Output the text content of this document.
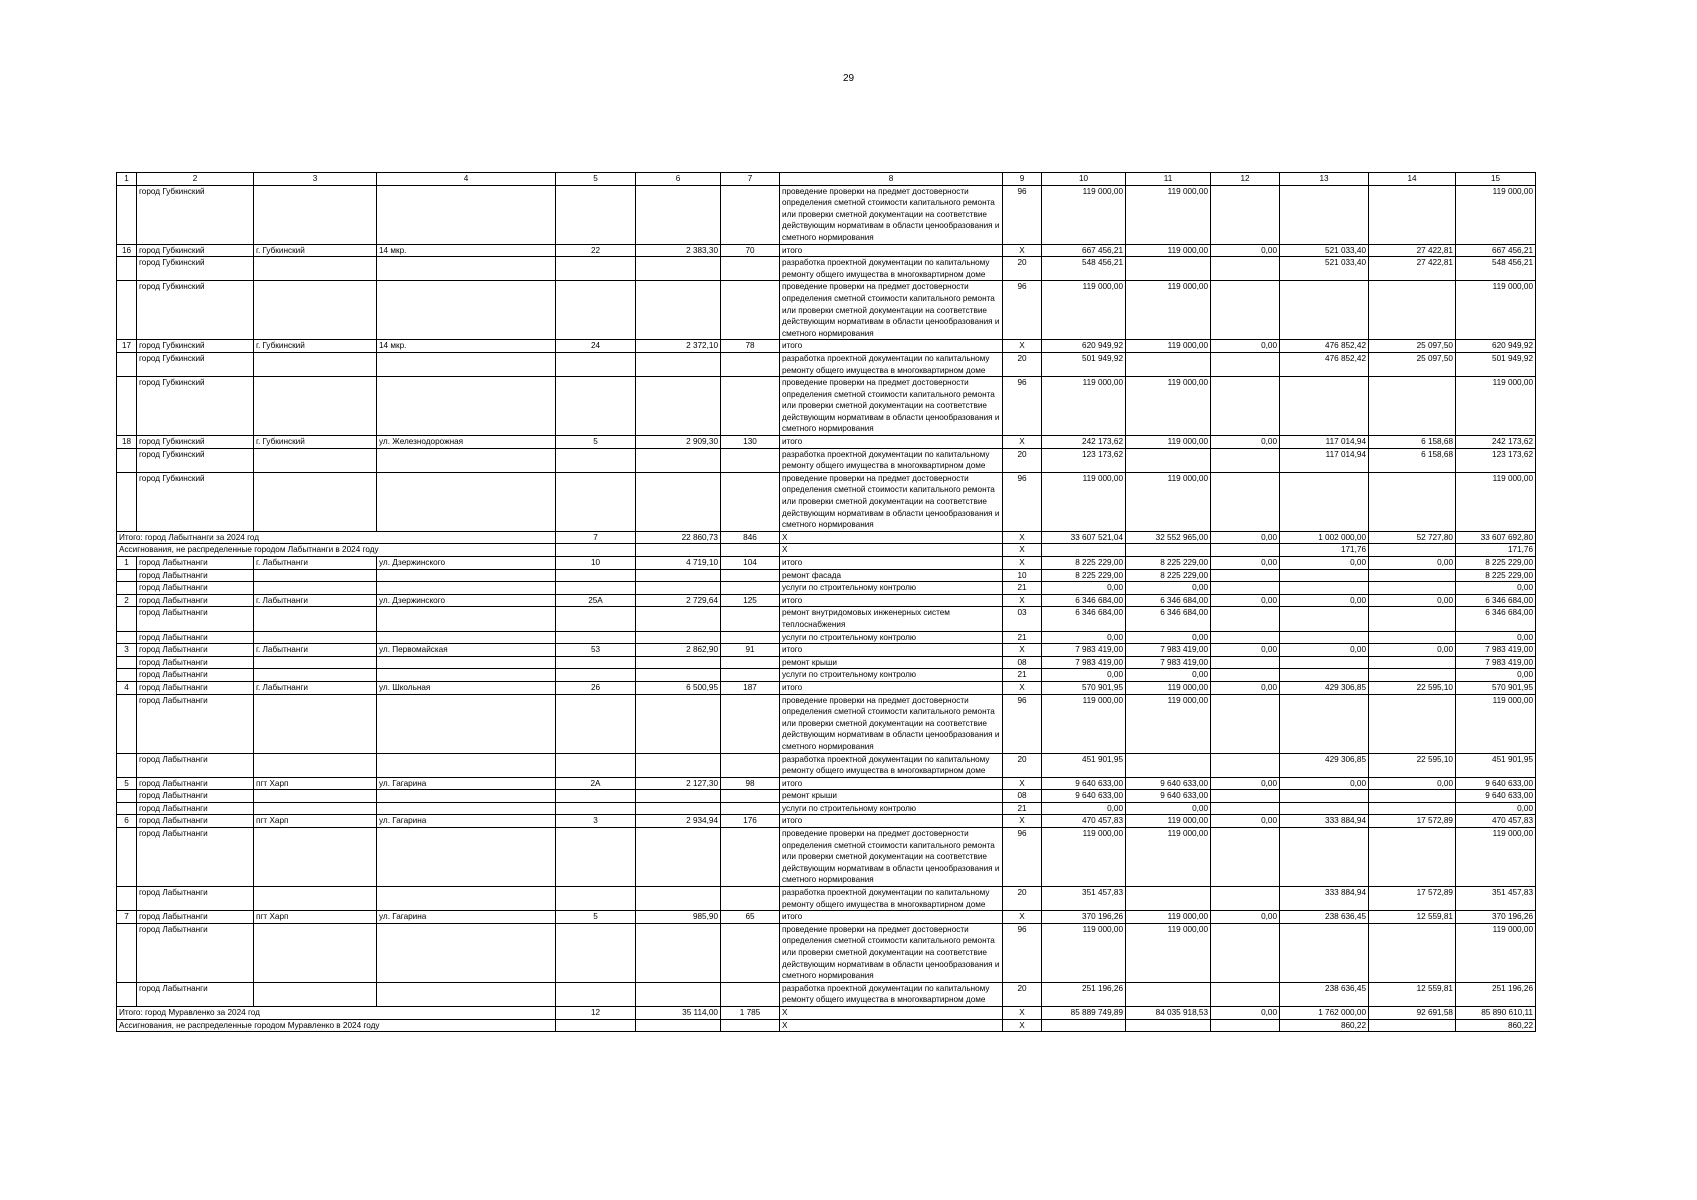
29
1	2	3	4	5	6	7	8	9	10	11	12	13	14	15
	город Губкинский						проведение проверки на предмет достоверности определения сметной стоимости капитального ремонта или проверки сметной документации на соответствие действующим нормативам в области ценообразования и сметного нормирования	96	119 000,00	119 000,00				119 000,00
16	город Губкинский	г. Губкинский	14 мкр.	22	2 383,30	70	итого	Х	667 456,21	119 000,00	0,00	521 033,40	27 422,81	667 456,21
	город Губкинский						разработка проектной документации по капитальному ремонту общего имущества в многоквартирном доме	20	548 456,21			521 033,40	27 422,81	548 456,21
	город Губкинский						проведение проверки на предмет достоверности определения сметной стоимости капитального ремонта или проверки сметной документации на соответствие действующим нормативам в области ценообразования и сметного нормирования	96	119 000,00	119 000,00				119 000,00
17	город Губкинский	г. Губкинский	14 мкр.	24	2 372,10	78	итого	Х	620 949,92	119 000,00	0,00	476 852,42	25 097,50	620 949,92
	город Губкинский						разработка проектной документации по капитальному ремонту общего имущества в многоквартирном доме	20	501 949,92			476 852,42	25 097,50	501 949,92
	город Губкинский						проведение проверки на предмет достоверности определения сметной стоимости капитального ремонта или проверки сметной документации на соответствие действующим нормативам в области ценообразования и сметного нормирования	96	119 000,00	119 000,00				119 000,00
18	город Губкинский	г. Губкинский	ул. Железнодорожная	5	2 909,30	130	итого	Х	242 173,62	119 000,00	0,00	117 014,94	6 158,68	242 173,62
	город Губкинский						разработка проектной документации по капитальному ремонту общего имущества в многоквартирном доме	20	123 173,62			117 014,94	6 158,68	123 173,62
	город Губкинский						проведение проверки на предмет достоверности определения сметной стоимости капитального ремонта или проверки сметной документации на соответствие действующим нормативам в области ценообразования и сметного нормирования	96	119 000,00	119 000,00				119 000,00
Итого: город Лабытнанги за 2024 год				7	22 860,73	846	Х	Х	33 607 521,04	32 552 965,00	0,00	1 002 000,00	52 727,80	33 607 692,80
Ассигнования, не распределенные городом Лабытнанги в 2024 году							Х	Х				171,76		171,76
1	город Лабытнанги	г. Лабытнанги	ул. Дзержинского	10	4 719,10	104	итого	Х	8 225 229,00	8 225 229,00	0,00	0,00	0,00	8 225 229,00
	город Лабытнанги						ремонт фасада	10	8 225 229,00	8 225 229,00				8 225 229,00
	город Лабытнанги						услуги по строительному контролю	21	0,00	0,00				0,00
2	город Лабытнанги	г. Лабытнанги	ул. Дзержинского	25А	2 729,64	125	итого	Х	6 346 684,00	6 346 684,00	0,00	0,00	0,00	6 346 684,00
	город Лабытнанги						ремонт внутридомовых инженерных систем теплоснабжения	03	6 346 684,00	6 346 684,00				6 346 684,00
	город Лабытнанги						услуги по строительному контролю	21	0,00	0,00				0,00
3	город Лабытнанги	г. Лабытнанги	ул. Первомайская	53	2 862,90	91	итого	Х	7 983 419,00	7 983 419,00	0,00	0,00	0,00	7 983 419,00
	город Лабытнанги						ремонт крыши	08	7 983 419,00	7 983 419,00				7 983 419,00
	город Лабытнанги						услуги по строительному контролю	21	0,00	0,00				0,00
4	город Лабытнанги	г. Лабытнанги	ул. Школьная	26	6 500,95	187	итого	Х	570 901,95	119 000,00	0,00	429 306,85	22 595,10	570 901,95
	город Лабытнанги						проведение проверки на предмет достоверности определения сметной стоимости капитального ремонта или проверки сметной документации на соответствие действующим нормативам в области ценообразования и сметного нормирования	96	119 000,00	119 000,00				119 000,00
	город Лабытнанги						разработка проектной документации по капитальному ремонту общего имущества в многоквартирном доме	20	451 901,95			429 306,85	22 595,10	451 901,95
5	город Лабытнанги	пгт Харп	ул. Гагарина	2А	2 127,30	98	итого	Х	9 640 633,00	9 640 633,00	0,00	0,00	0,00	9 640 633,00
	город Лабытнанги						ремонт крыши	08	9 640 633,00	9 640 633,00				9 640 633,00
	город Лабытнанги						услуги по строительному контролю	21	0,00	0,00				0,00
6	город Лабытнанги	пгт Харп	ул. Гагарина	3	2 934,94	176	итого	Х	470 457,83	119 000,00	0,00	333 884,94	17 572,89	470 457,83
	город Лабытнанги						проведение проверки на предмет достоверности определения сметной стоимости капитального ремонта или проверки сметной документации на соответствие действующим нормативам в области ценообразования и сметного нормирования	96	119 000,00	119 000,00				119 000,00
	город Лабытнанги						разработка проектной документации по капитальному ремонту общего имущества в многоквартирном доме	20	351 457,83			333 884,94	17 572,89	351 457,83
7	город Лабытнанги	пгт Харп	ул. Гагарина	5	985,90	65	итого	Х	370 196,26	119 000,00	0,00	238 636,45	12 559,81	370 196,26
	город Лабытнанги						проведение проверки на предмет достоверности определения сметной стоимости капитального ремонта или проверки сметной документации на соответствие действующим нормативам в области ценообразования и сметного нормирования	96	119 000,00	119 000,00				119 000,00
	город Лабытнанги						разработка проектной документации по капитальному ремонту общего имущества в многоквартирном доме	20	251 196,26			238 636,45	12 559,81	251 196,26
Итого: город Муравленко за 2024 год				12	35 114,00	1 785	Х	Х	85 889 749,89	84 035 918,53	0,00	1 762 000,00	92 691,58	85 890 610,11
Ассигнования, не распределенные городом Муравленко в 2024 году							Х	Х				860,22		860,22
